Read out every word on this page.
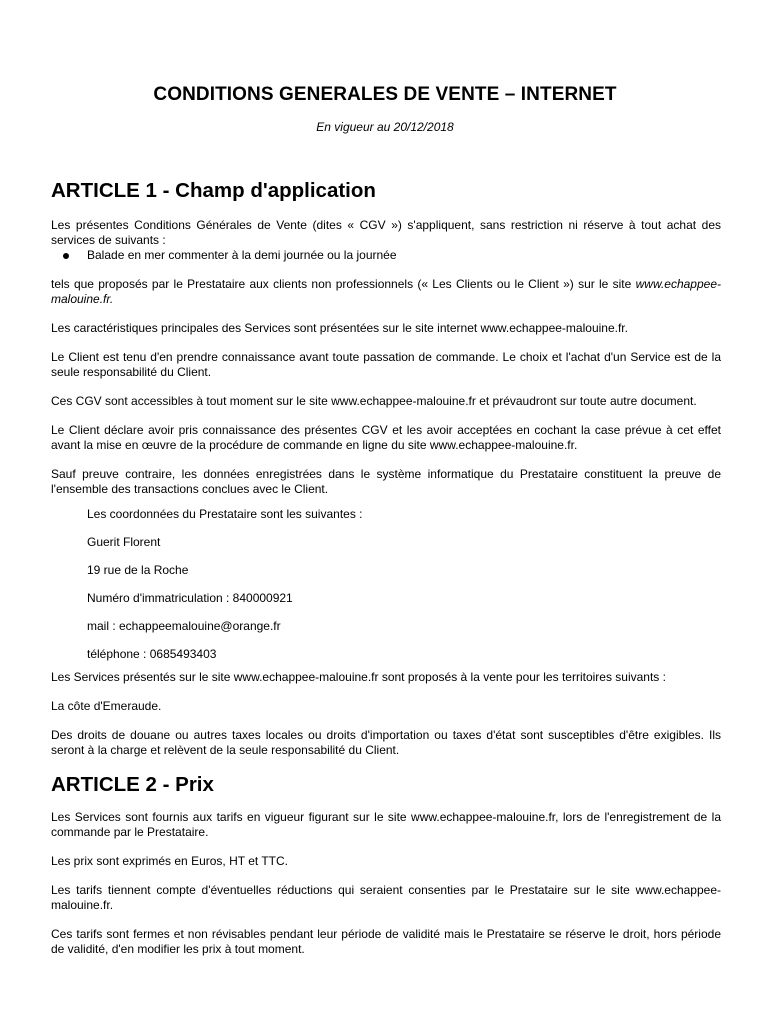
CONDITIONS GENERALES DE VENTE – INTERNET
En vigueur au 20/12/2018
ARTICLE 1 - Champ d'application

Les présentes Conditions Générales de Vente (dites « CGV ») s'appliquent, sans restriction ni réserve à tout achat des services de suivants :

Balade en mer commenter à la demi journée ou la journée

tels que proposés par le Prestataire aux clients non professionnels (« Les Clients ou le Client ») sur le site www.echappee-malouine.fr.

Les caractéristiques principales des Services sont présentées sur le site internet www.echappee-malouine.fr.

Le Client est tenu d'en prendre connaissance avant toute passation de commande. Le choix et l'achat d'un Service est de la seule responsabilité du Client.

Ces CGV sont accessibles à tout moment sur le site www.echappee-malouine.fr et prévaudront sur toute autre document.

Le Client déclare avoir pris connaissance des présentes CGV et les avoir acceptées en cochant la case prévue à cet effet avant la mise en œuvre de la procédure de commande en ligne du site www.echappee-malouine.fr.

Sauf preuve contraire, les données enregistrées dans le système informatique du Prestataire constituent la preuve de l'ensemble des transactions conclues avec le Client.

Les coordonnées du Prestataire sont les suivantes :

Guerit Florent

19 rue de la Roche

Numéro d'immatriculation : 840000921

mail : echappeemalouine@orange.fr

téléphone : 0685493403

Les Services présentés sur le site www.echappee-malouine.fr sont proposés à la vente pour les territoires suivants :

La côte d'Emeraude.

Des droits de douane ou autres taxes locales ou droits d'importation ou taxes d'état sont susceptibles d'être exigibles. Ils seront à la charge et relèvent de la seule responsabilité du Client.

ARTICLE 2 - Prix

Les Services sont fournis aux tarifs en vigueur figurant sur le site www.echappee-malouine.fr, lors de l'enregistrement de la commande par le Prestataire.

Les prix sont exprimés en Euros, HT et TTC.

Les tarifs tiennent compte d'éventuelles réductions qui seraient consenties par le Prestataire sur le site www.echappee-malouine.fr.

Ces tarifs sont fermes et non révisables pendant leur période de validité mais le Prestataire se réserve le droit, hors période de validité, d'en modifier les prix à tout moment.
